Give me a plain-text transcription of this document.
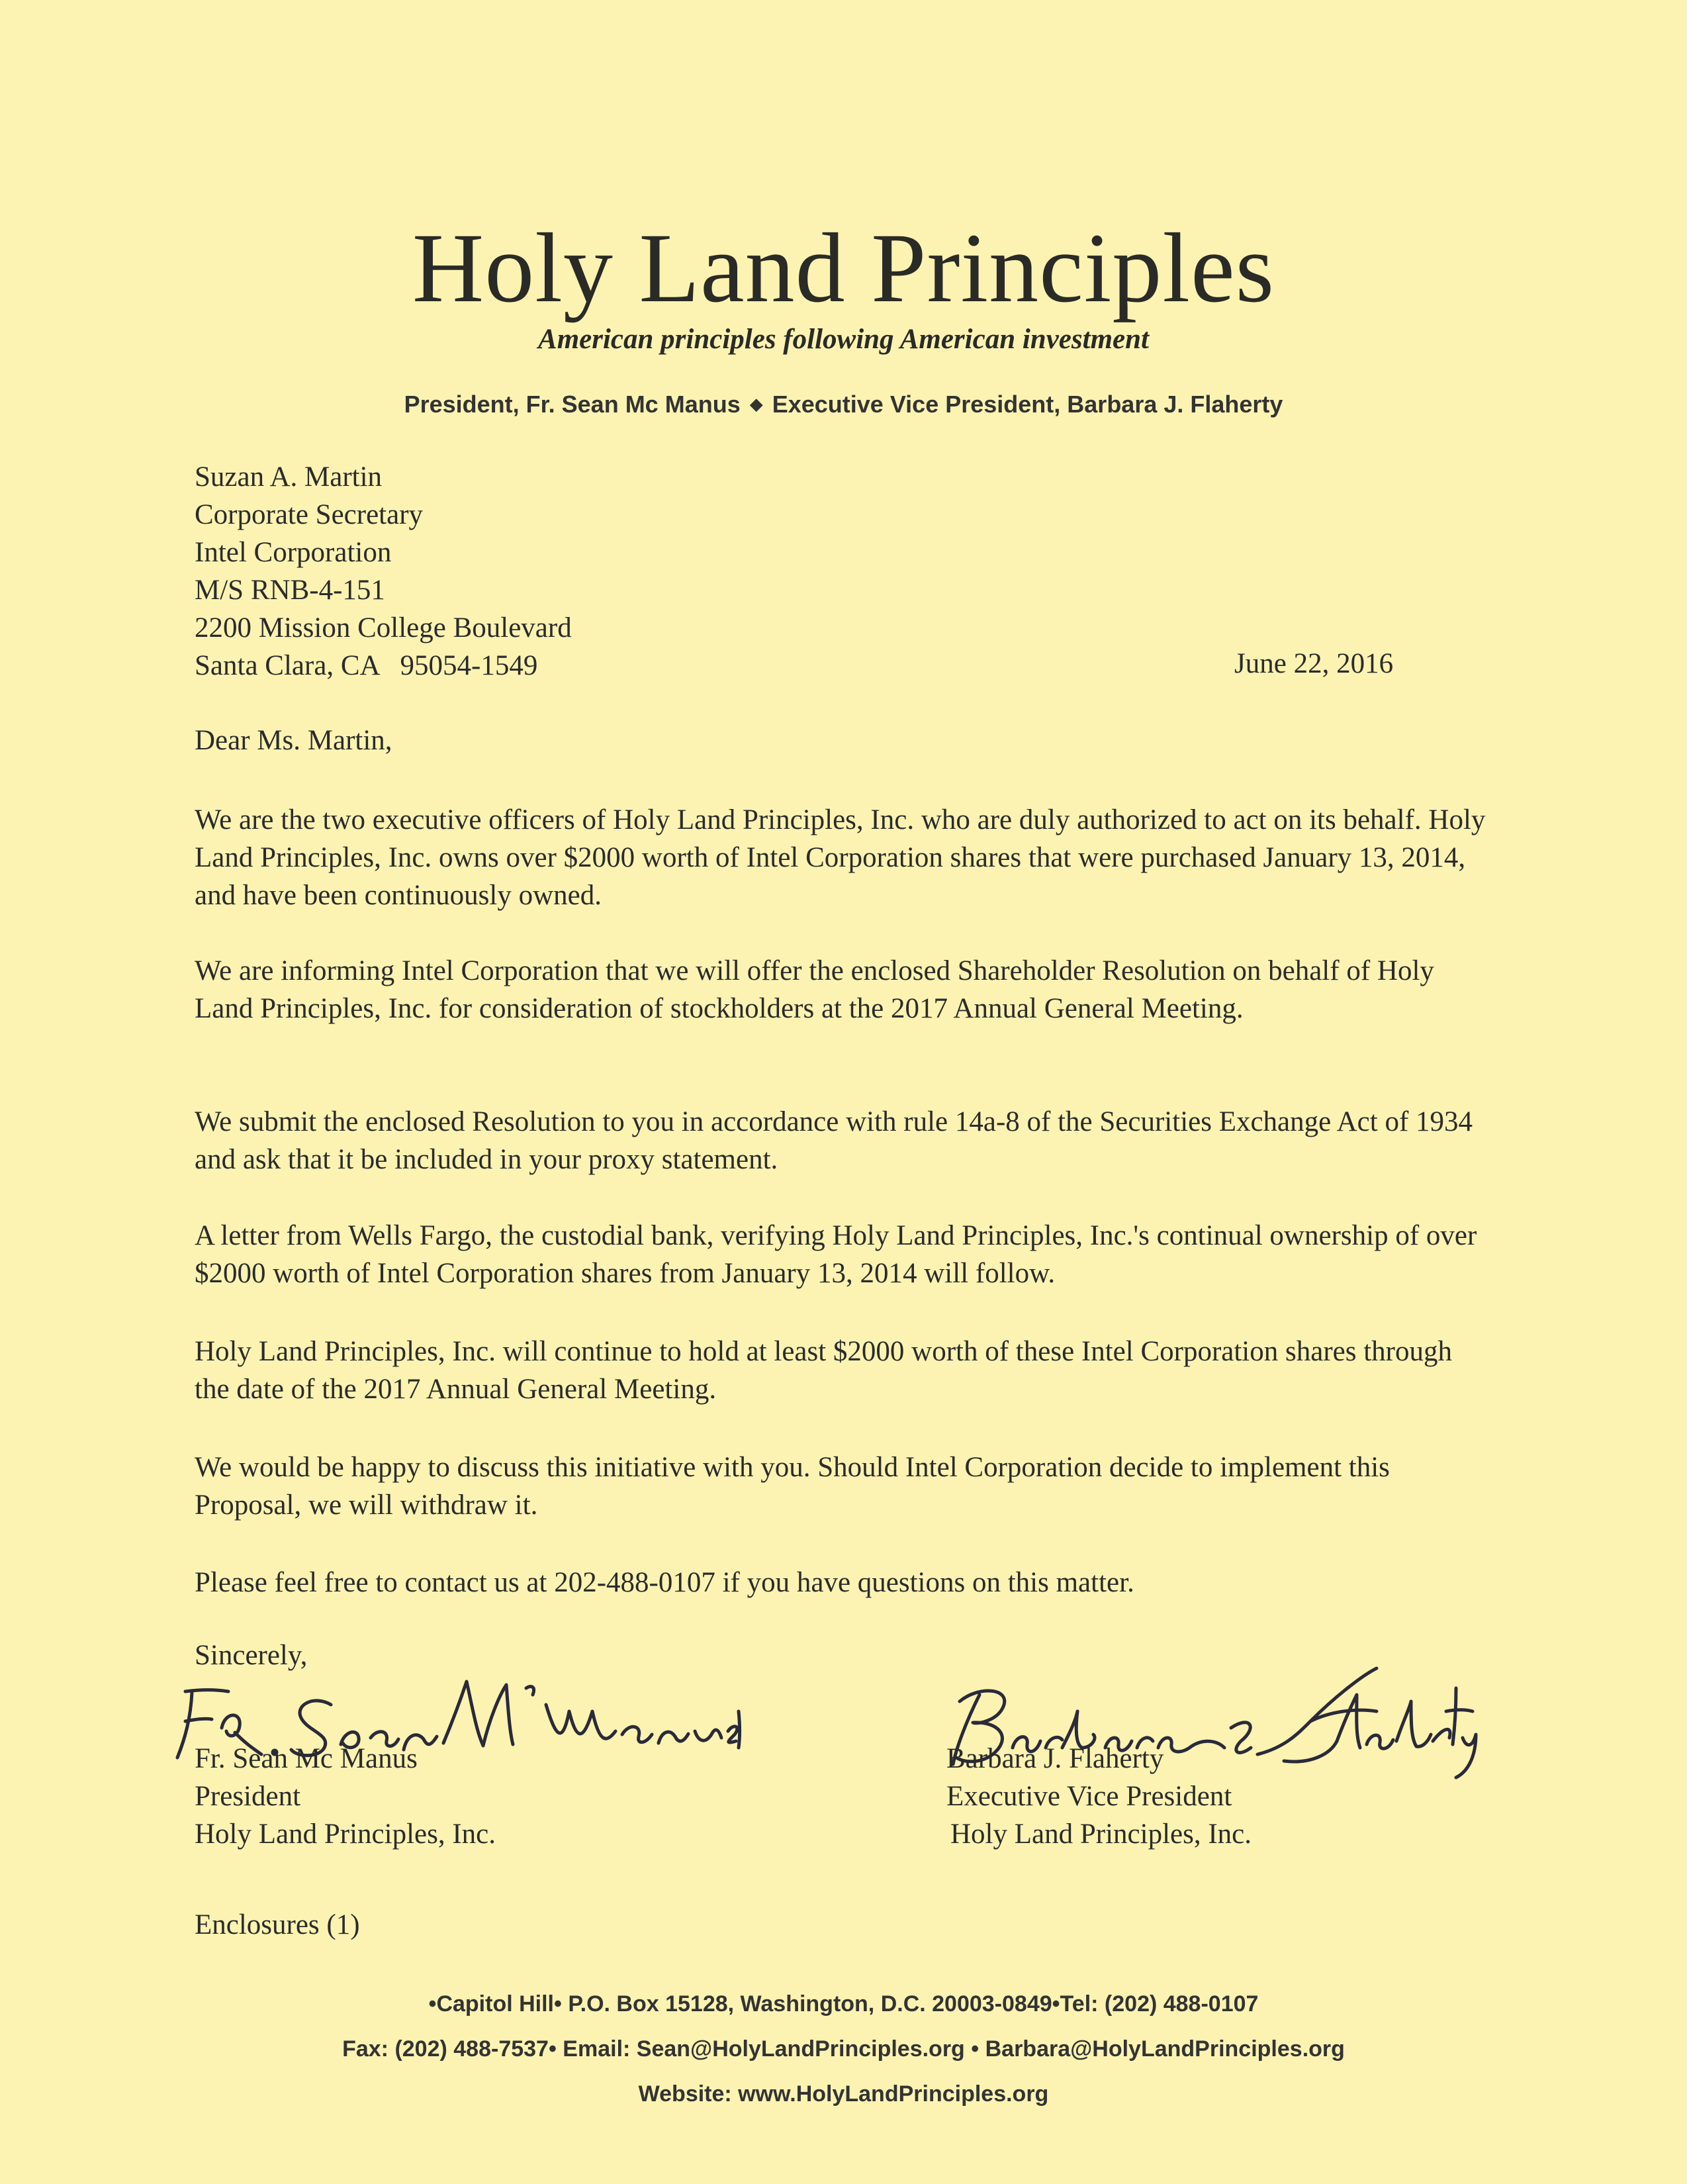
Holy Land Principles
American principles following American investment
President, Fr. Sean Mc Manus ◆ Executive Vice President, Barbara J. Flaherty
Suzan A. Martin
Corporate Secretary
Intel Corporation
M/S RNB-4-151
2200 Mission College Boulevard
Santa Clara, CA   95054-1549	June 22, 2016
Dear Ms. Martin,
We are the two executive officers of Holy Land Principles, Inc. who are duly authorized to act on its behalf. Holy Land Principles, Inc. owns over $2000 worth of Intel Corporation shares that were purchased January 13, 2014, and have been continuously owned.
We are informing Intel Corporation that we will offer the enclosed Shareholder Resolution on behalf of Holy Land Principles, Inc. for consideration of stockholders at the 2017 Annual General Meeting.
We submit the enclosed Resolution to you in accordance with rule 14a-8 of the Securities Exchange Act of 1934 and ask that it be included in your proxy statement.
A letter from Wells Fargo, the custodial bank, verifying Holy Land Principles, Inc.'s continual ownership of over $2000 worth of Intel Corporation shares from January 13, 2014 will follow.
Holy Land Principles, Inc. will continue to hold at least $2000 worth of these Intel Corporation shares through the date of the 2017 Annual General Meeting.
We would be happy to discuss this initiative with you. Should Intel Corporation decide to implement this Proposal, we will withdraw it.
Please feel free to contact us at 202-488-0107 if you have questions on this matter.
Sincerely,
Fr. Sean Mc Manus
President
Holy Land Principles, Inc.
Barbara J. Flaherty
Executive Vice President
Holy Land Principles, Inc.
Enclosures (1)
•Capitol Hill• P.O. Box 15128, Washington, D.C. 20003-0849•Tel: (202) 488-0107
Fax: (202) 488-7537• Email: Sean@HolyLandPrinciples.org • Barbara@HolyLandPrinciples.org
Website: www.HolyLandPrinciples.org
